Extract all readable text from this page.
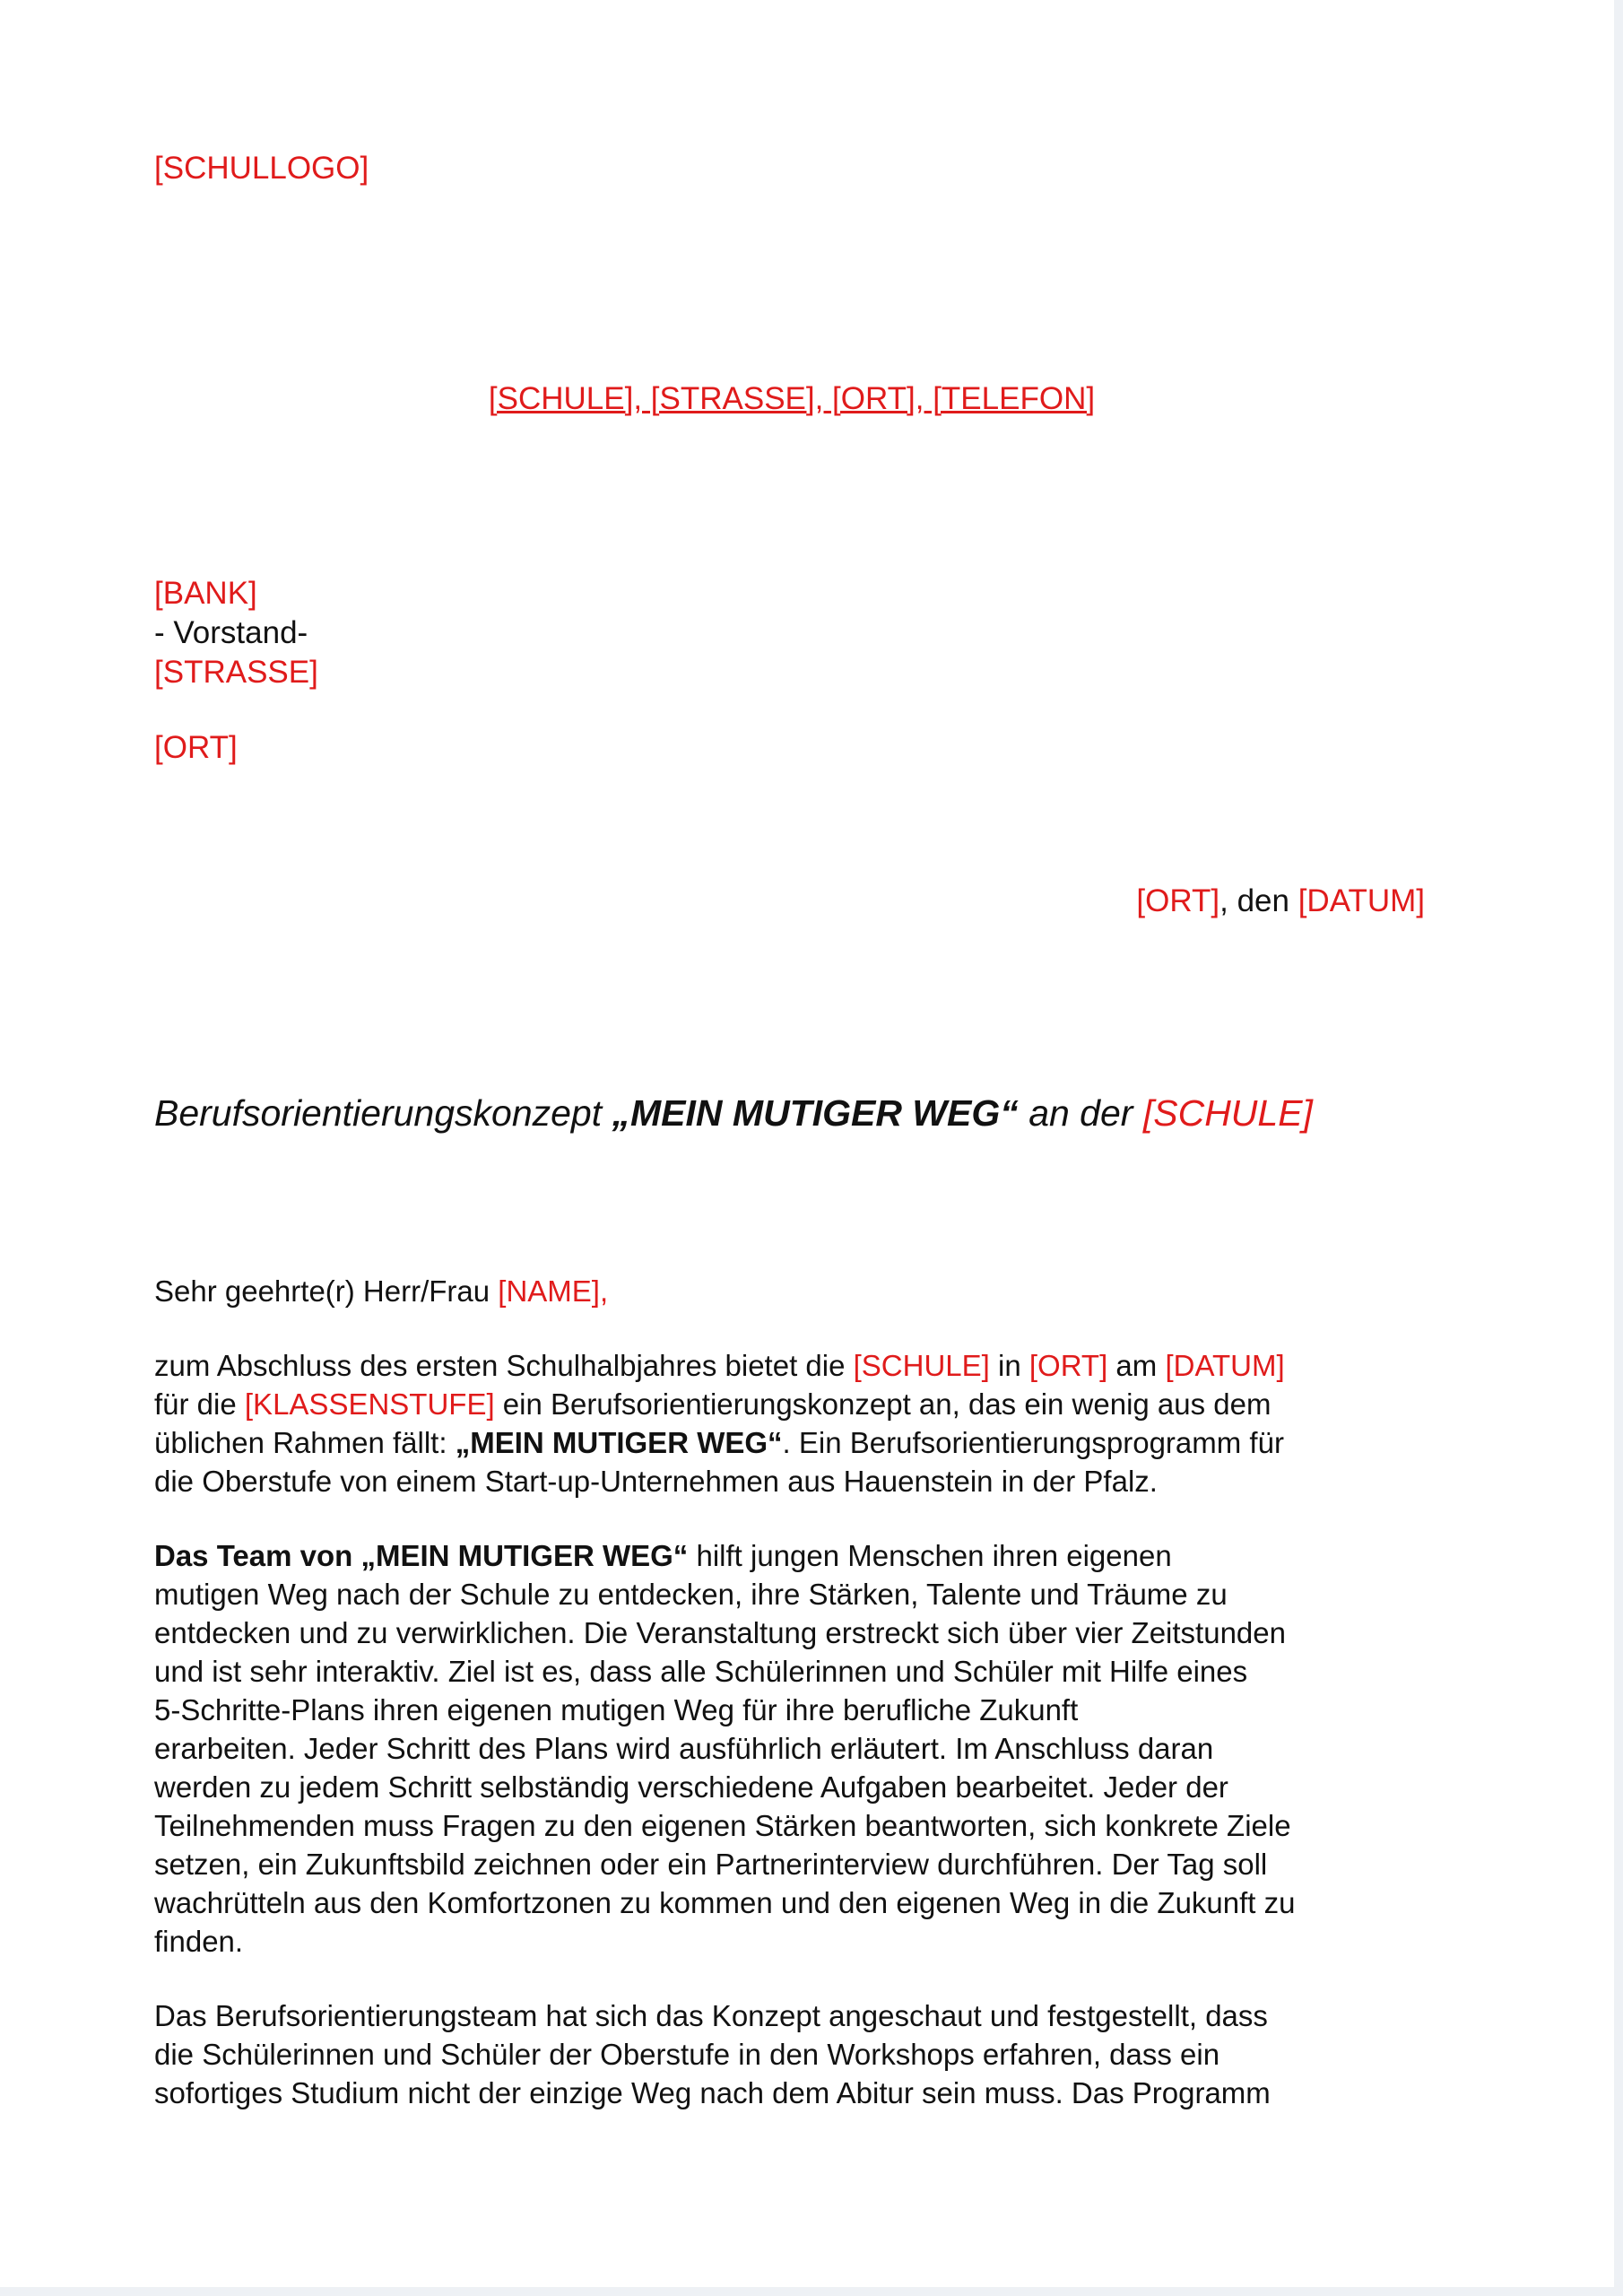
[SCHULLOGO]
[SCHULE], [STRASSE], [ORT], [TELEFON]
[BANK]
- Vorstand-
[STRASSE]
[ORT]
[ORT], den [DATUM]
Berufsorientierungskonzept „MEIN MUTIGER WEG“ an der [SCHULE]

Sehr geehrte(r) Herr/Frau [NAME],

zum Abschluss des ersten Schulhalbjahres bietet die [SCHULE] in [ORT] am [DATUM]
für die [KLASSENSTUFE] ein Berufsorientierungskonzept an, das ein wenig aus dem
üblichen Rahmen fällt: „MEIN MUTIGER WEG“. Ein Berufsorientierungsprogramm für
die Oberstufe von einem Start-up-Unternehmen aus Hauenstein in der Pfalz.

Das Team von „MEIN MUTIGER WEG“ hilft jungen Menschen ihren eigenen
mutigen Weg nach der Schule zu entdecken, ihre Stärken, Talente und Träume zu
entdecken und zu verwirklichen. Die Veranstaltung erstreckt sich über vier Zeitstunden
und ist sehr interaktiv. Ziel ist es, dass alle Schülerinnen und Schüler mit Hilfe eines
5-Schritte-Plans ihren eigenen mutigen Weg für ihre berufliche Zukunft
erarbeiten. Jeder Schritt des Plans wird ausführlich erläutert. Im Anschluss daran
werden zu jedem Schritt selbständig verschiedene Aufgaben bearbeitet. Jeder der
Teilnehmenden muss Fragen zu den eigenen Stärken beantworten, sich konkrete Ziele
setzen, ein Zukunftsbild zeichnen oder ein Partnerinterview durchführen. Der Tag soll
wachrütteln aus den Komfortzonen zu kommen und den eigenen Weg in die Zukunft zu
finden.

Das Berufsorientierungsteam hat sich das Konzept angeschaut und festgestellt, dass
die Schülerinnen und Schüler der Oberstufe in den Workshops erfahren, dass ein
sofortiges Studium nicht der einzige Weg nach dem Abitur sein muss. Das Programm
